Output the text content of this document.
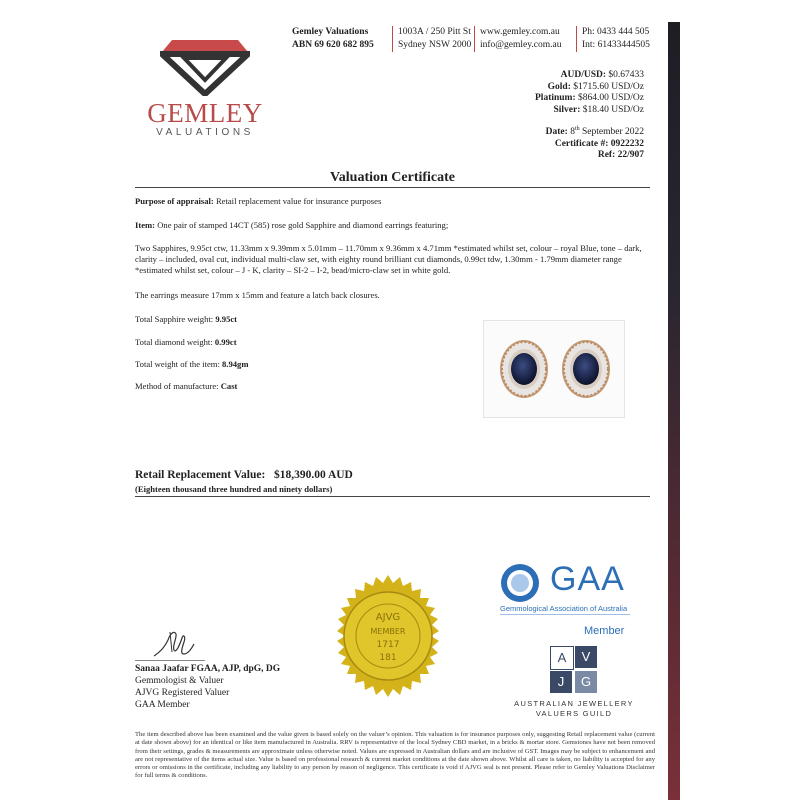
GEMLEY
VALUATIONS
Gemley Valuations
ABN 69 620 682 895
1003A / 250 Pitt St
Sydney NSW 2000
www.gemley.com.au
info@gemley.com.au
Ph: 0433 444 505
Int: 61433444505
AUD/USD: $0.67433
Gold: $1715.60 USD/Oz
Platinum: $864.00 USD/Oz
Silver: $18.40 USD/Oz
Date: 8th September 2022
Certificate #: 0922232
Ref: 22/907
Valuation Certificate
Purpose of appraisal: Retail replacement value for insurance purposes
Item: One pair of stamped 14CT (585) rose gold Sapphire and diamond earrings featuring;
Two Sapphires, 9.95ct ctw, 11.33mm x 9.39mm x 5.01mm – 11.70mm x 9.36mm x 4.71mm *estimated whilst set, colour – royal Blue, tone – dark, clarity – included, oval cut, individual multi-claw set, with eighty round brilliant cut diamonds, 0.99ct tdw, 1.30mm - 1.79mm diameter range *estimated whilst set, colour – J - K, clarity – SI-2 – I-2, bead/micro-claw set in white gold.
The earrings measure 17mm x 15mm and feature a latch back closures.
Total Sapphire weight: 9.95ct
Total diamond weight: 0.99ct
Total weight of the item: 8.94gm
Method of manufacture: Cast
Retail Replacement Value: $18,390.00 AUD
(Eighteen thousand three hundred and ninety dollars)
AJVG
MEMBER
1717
181
GAA
Gemmological Association of Australia
Member
A	V
J	G
AUSTRALIAN JEWELLERY
VALUERS GUILD
Sanaa Jaafar FGAA, AJP, dpG, DG
Gemmologist & Valuer
AJVG Registered Valuer
GAA Member
The item described above has been examined and the value given is based solely on the valuer’s opinion. This valuation is for insurance purposes only, suggesting Retail replacement value (current at date shown above) for an identical or like item manufactured in Australia. RRV is representative of the local Sydney CBD market, in a bricks & mortar store. Gemstones have not been removed from their settings, grades & measurements are approximate unless otherwise noted. Values are expressed in Australian dollars and are inclusive of GST. Images may be subject to enhancement and are not representative of the items actual size. Value is based on professional research & current market conditions at the date shown above. Whilst all care is taken, no liability is accepted for any errors or omissions in the certificate, including any liability to any person by reason of negligence. This certificate is void if AJVG seal is not present. Please refer to Gemley Valuations Disclaimer for full terms & conditions.
